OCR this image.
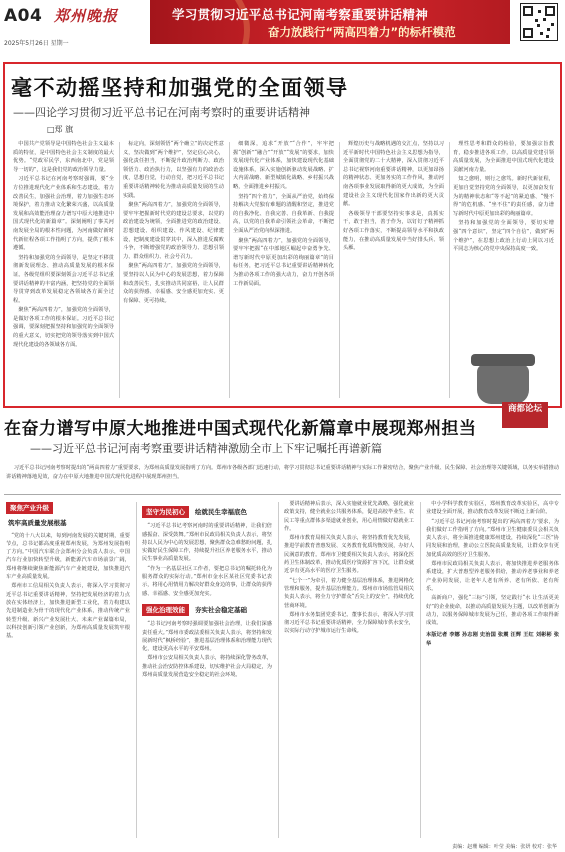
A04 郑州晚报
2025年5月26日 星期一
学习贯彻习近平总书记河南考察重要讲话精神
奋力放践行“两高四着力”的标杆模范
毫不动摇坚持和加强党的全面领导
——四论学习贯彻习近平总书记在河南考察时的重要讲话精神
□郑 旗

中国共产党领导是中国特色社会主义最本质的特征，是中国特色社会主义制度的最大优势。“党政军民学，东西南北中，党是领导一切的”，这是我们党的政治领导力量。

习近平总书记在河南考察时强调，要“全方位推进现代化产业体系和生态建设，着力改善民生，加强社会治理，着力加强生态环境保护，着力推动文化繁荣兴盛，以高质量发展和高效能治理奋力谱写中原大地推进中国式现代化的新篇章”。深刻阐明了事关河南发展全局的根本性问题，为河南做好新时代新征程各项工作指明了方向，提供了根本遵循。

坚持和加强党的全面领导，是坚定不移贯彻新发展理念、推动高质量发展的根本保证。各级党组织要深刻领会习近平总书记重要讲话精神的丰富内涵，把坚持党的全面领导贯穿到改革发展稳定各领域各方面全过程。

聚焦“两高四着力”，加强党的全面领导，是做好各项工作的根本保证。习近平总书记强调，要深刻把握坚持和加强党的全面领导的重大意义，切实把党的领导落实到中国式现代化建设的各领域各方面。

标定向，深刻领悟“两个确立”的决定性意义，坚决做到“两个维护”，坚定信心决心，强化责任担当，不断提升政治判断力、政治领悟力、政治执行力，以坚强有力的政治态度，思想自觉，行动自觉，把习近平总书记重要讲话精神转化为推动高质量发展的生动实践。

聚焦“两高四着力”，加强党的全面领导，要牢牢把握新时代党的建设总要求，以党的政治建设为统领，全面推进党的政治建设、思想建设、组织建设、作风建设、纪律建设，把制度建设贯穿其中，深入推进反腐败斗争，不断增强党的政治领导力、思想引领力、群众组织力、社会号召力。

聚焦“两高四着力”，加强党的全面领导，要坚持以人民为中心的发展思想，着力保障和改善民生，扎实推动共同富裕，让人民群众的获得感、幸福感、安全感更加充实、更有保障、更可持续。

细微深，追求“开放”“合作”，牢牢把握“创新”“融合”“开放”“发展”的要求，加快发展现代化产业体系，加快建设现代化基础设施体系，深入实施创新驱动发展战略、扩大内需战略、新型城镇化战略、乡村振兴战略，全面推进乡村振兴。

坚持“四个着力”，全面从严治党，始终保持解决大党独有难题的清醒和坚定，推进党的自我净化、自我完善、自我革新、自我提高，以党的自我革命引领社会革命，不断把全面从严治党向纵深推进。

聚焦“两高四着力”，加强党的全面领导，要牢牢把握“在中部地区崛起中奋勇争先、谱写新时代中原更加出彩的绚丽篇章”的目标任务，把习近平总书记重要讲话精神转化为推动各项工作的强大动力，奋力开创各项工作新局面。

辉煌历史与战略机遇的交汇点，坚持以习近平新时代中国特色社会主义思想为指导，全面贯彻党的二十大精神，深入贯彻习近平总书记视察河南重要讲话精神，以更加昂扬的精神状态、更加务实的工作作风，推动河南各项事业发展取得新的更大成效，为全面建设社会主义现代化国家作出新的更大贡献。

各级领导干部要坚持实事求是，真抓实干，敢于担当，善于作为，以钉钉子精神抓好各项工作落实，不断提高领导水平和执政能力，在推动高质量发展中当好排头兵、领头雁。

理性思考和群众的检验，要加强宗旨教育，稳步推进各项工作，以高质量党建引领高质量发展，为全面推进中国式现代化建设贡献河南力量。

知之愈明，则行之愈笃。新时代新征程，更加自觉坚持党的全面领导，以更加奋发有为的精神状态和“等不起”的紧迫感、“慢不得”的危机感、“坐不住”的责任感，奋力谱写新时代中原更加出彩的绚丽篇章。

坚持和加强党的全面领导，要切实增强“四个意识”，坚定“四个自信”，做到“两个维护”，在思想上政治上行动上同以习近平同志为核心的党中央保持高度一致。

商都论坛
在奋力谱写中原大地推进中国式现代化新篇章中展现郑州担当
——习近平总书记河南考察重要讲话精神激励全市上下牢记嘱托再谱新篇
习近平总书记河南考察时提出的“两高四着力”重要要求，为郑州高质量发展指明了方向。郑州市各级各部门迅速行动，将学习贯彻总书记重要讲话精神与实际工作紧密结合，聚焦产业升级、民生保障、社会治理等关键领域，以务实举措推动讲话精神落地见效，奋力在中原大地推进中国式现代化进程中展现郑州担当。
聚焦产业升级
筑牢高质量发展根基

“党的十八大以来，每到河南发展的关键时期，重要节点，总书记都高度重视郑州发展，为郑州发展指明了方向。”中国汽车联合会郑州分会负责人表示，中国汽车行业加快转型升级，新能源汽车市场前景广阔，郑州将继续聚焦新能源汽车产业链建设，加快推进汽车产业高质量发展。

郑州市工信局相关负责人表示，将深入学习贯彻习近平总书记重要讲话精神，坚持把发展经济的着力点放在实体经济上，加快推进新型工业化，着力构建以先进制造业为骨干的现代化产业体系，推动传统产业转型升级、新兴产业发展壮大、未来产业谋篇布局，以科技创新引领产业创新，为郑州高质量发展筑牢根基。

坚守为民初心	绘就民生幸福底色

“习近平总书记考察河南时的重要讲话精神，让我们倍感振奋、深受鼓舞。”郑州市民政局相关负责人表示，将坚持以人民为中心的发展思想，聚焦群众急难愁盼问题，扎实做好民生保障工作，持续提升社区养老服务水平，推动民生事业高质量发展。

“作为一名基层社区工作者，要把总书记的嘱托转化为服务群众的实际行动。”郑州市金水区某社区党委书记表示，将用心用情用力解决好群众身边的事，让群众的获得感、幸福感、安全感更加充实。

强化治理效能	夯实社会稳定基础

“总书记河南考察时强调要加强社会治理，让我们深感责任重大。”郑州市委政法委相关负责人表示，将坚持和发展新时代“枫桥经验”，推进基层治理体系和治理能力现代化，建设更高水平的平安郑州。

郑州市公安局相关负责人表示，将持续深化警务改革，推动社会治安防控体系建设，切实维护社会大局稳定，为郑州高质量发展营造安全稳定的社会环境。

要讲话精神后表示，深入实施就业优先战略，强化就业政策支持，健全就业公共服务体系，促进高校毕业生、农民工等重点群体多渠道就业创业，用心用情做好稳就业工作。

郑州市教育局相关负责人表示，将坚持教育优先发展，推进学前教育普惠发展、义务教育优质均衡发展，办好人民满意的教育。郑州市卫健委相关负责人表示，将深化医药卫生体制改革，推动优质医疗资源扩容下沉，让群众就近享有更高水平的医疗卫生服务。

“七个一”为牵引，着力健全基层治理体系，推进网格化管理和服务，提升基层治理能力。郑州市市场监管局相关负责人表示，将全力守护群众“舌尖上的安全”，持续优化营商环境。

郑州市水务集团党委书记、董事长表示，将深入学习贯彻习近平总书记重要讲话精神，全力保障城市供水安全，以实际行动守护城市运行生命线。

中小学科学教育实验区，郑州教育改革实验区，高中专业建设全面开展，推动教育改革发展不断迈上新台阶。

“习近平总书记河南考察时提出的‘两高四着力’要求，为我们做好工作指明了方向。”郑州市卫生健康委员会相关负责人表示，将全面推进健康郑州建设，持续深化“三医”协同发展和治理，推动公立医院高质量发展，让群众享有更加优质高效的医疗卫生服务。

郑州市民政局相关负责人表示，将加快推进养老服务体系建设，扩大普惠型养老服务供给，推动养老事业和养老产业协同发展，让老年人老有所养、老有所依、老有所乐。

高新商户，强化“三标”引领，坚定践行“水 让生活更美好”的企业使命，以推动高质量发展为主题，以改革创新为动力，以服务保障城市发展为己任，推动各项工作取得新成效。

本版记者 李娜 孙志刚 史治国 张震 汪辉 王红 刘彬彬 张华

责编：赵珊 编辑：叶莹 美编：张妍 校对：张华
